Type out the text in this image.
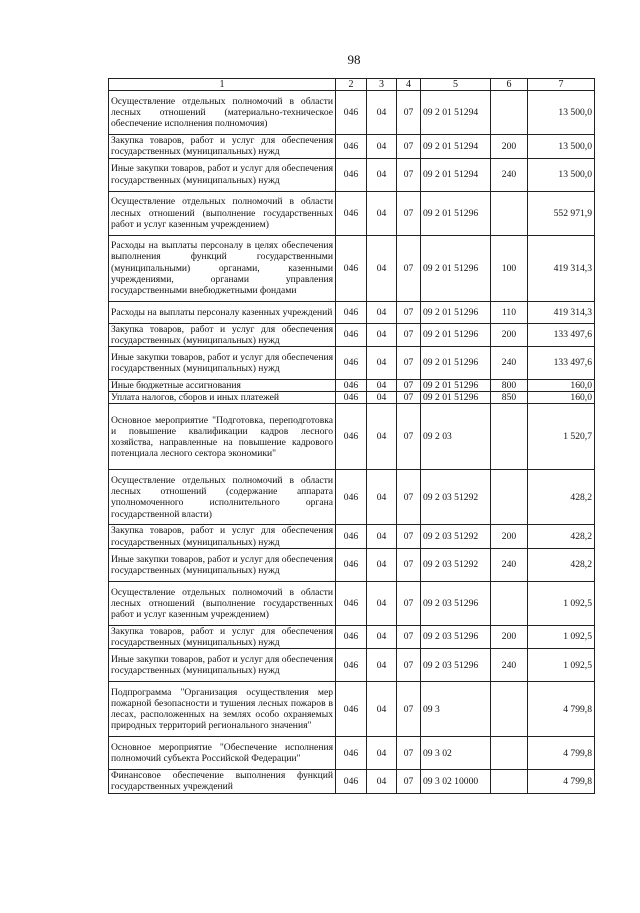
98
1	2	3	4	5	6	7
Осуществление отдельных полномочий в области лесных отношений (материально-техническое обеспечение исполнения полномочия)	046	04	07	09 2 01 51294		13 500,0
Закупка товаров, работ и услуг для обеспечения государственных (муниципальных) нужд	046	04	07	09 2 01 51294	200	13 500,0
Иные закупки товаров, работ и услуг для обеспечения государственных (муниципальных) нужд	046	04	07	09 2 01 51294	240	13 500,0
Осуществление отдельных полномочий в области лесных отношений (выполнение государственных работ и услуг казенным учреждением)	046	04	07	09 2 01 51296		552 971,9
Расходы на выплаты персоналу в целях обеспечения выполнения функций государственными (муниципальными) органами, казенными учреждениями, органами управления государственными внебюджетными фондами	046	04	07	09 2 01 51296	100	419 314,3
Расходы на выплаты персоналу казенных учреждений	046	04	07	09 2 01 51296	110	419 314,3
Закупка товаров, работ и услуг для обеспечения государственных (муниципальных) нужд	046	04	07	09 2 01 51296	200	133 497,6
Иные закупки товаров, работ и услуг для обеспечения государственных (муниципальных) нужд	046	04	07	09 2 01 51296	240	133 497,6
Иные бюджетные ассигнования	046	04	07	09 2 01 51296	800	160,0
Уплата налогов, сборов и иных платежей	046	04	07	09 2 01 51296	850	160,0
Основное мероприятие "Подготовка, переподготовка и повышение квалификации кадров лесного хозяйства, направленные на повышение кадрового потенциала лесного сектора экономики"	046	04	07	09 2 03		1 520,7
Осуществление отдельных полномочий в области лесных отношений (содержание аппарата уполномоченного исполнительного органа государственной власти)	046	04	07	09 2 03 51292		428,2
Закупка товаров, работ и услуг для обеспечения государственных (муниципальных) нужд	046	04	07	09 2 03 51292	200	428,2
Иные закупки товаров, работ и услуг для обеспечения государственных (муниципальных) нужд	046	04	07	09 2 03 51292	240	428,2
Осуществление отдельных полномочий в области лесных отношений (выполнение государственных работ и услуг казенным учреждением)	046	04	07	09 2 03 51296		1 092,5
Закупка товаров, работ и услуг для обеспечения государственных (муниципальных) нужд	046	04	07	09 2 03 51296	200	1 092,5
Иные закупки товаров, работ и услуг для обеспечения государственных (муниципальных) нужд	046	04	07	09 2 03 51296	240	1 092,5
Подпрограмма "Организация осуществления мер пожарной безопасности и тушения лесных пожаров в лесах, расположенных на землях особо охраняемых природных территорий регионального значения"	046	04	07	09 3		4 799,8
Основное мероприятие "Обеспечение исполнения полномочий субъекта Российской Федерации"	046	04	07	09 3 02		4 799,8
Финансовое обеспечение выполнения функций государственных учреждений	046	04	07	09 3 02 10000		4 799,8
